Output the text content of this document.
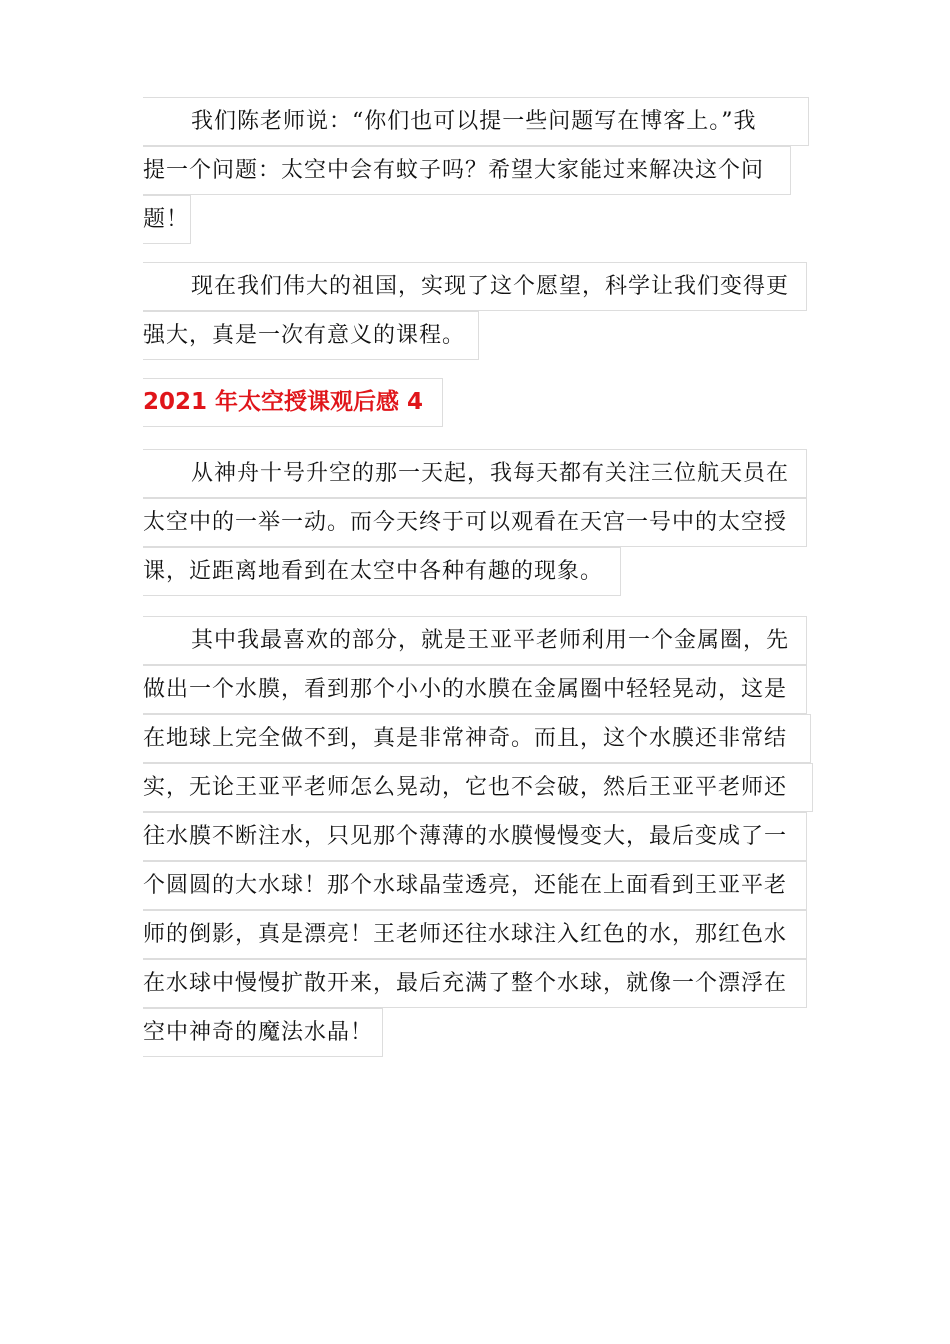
我们陈老师说：“你们也可以提一些问题写在博客上。”我
提一个问题：太空中会有蚊子吗？希望大家能过来解决这个问
题！
现在我们伟大的祖国，实现了这个愿望，科学让我们变得更
强大，真是一次有意义的课程。
2021 年太空授课观后感 4
从神舟十号升空的那一天起，我每天都有关注三位航天员在
太空中的一举一动。而今天终于可以观看在天宫一号中的太空授
课，近距离地看到在太空中各种有趣的现象。
其中我最喜欢的部分，就是王亚平老师利用一个金属圈，先
做出一个水膜，看到那个小小的水膜在金属圈中轻轻晃动，这是
在地球上完全做不到，真是非常神奇。而且，这个水膜还非常结
实，无论王亚平老师怎么晃动，它也不会破，然后王亚平老师还
往水膜不断注水，只见那个薄薄的水膜慢慢变大，最后变成了一
个圆圆的大水球！那个水球晶莹透亮，还能在上面看到王亚平老
师的倒影，真是漂亮！王老师还往水球注入红色的水，那红色水
在水球中慢慢扩散开来，最后充满了整个水球，就像一个漂浮在
空中神奇的魔法水晶！
